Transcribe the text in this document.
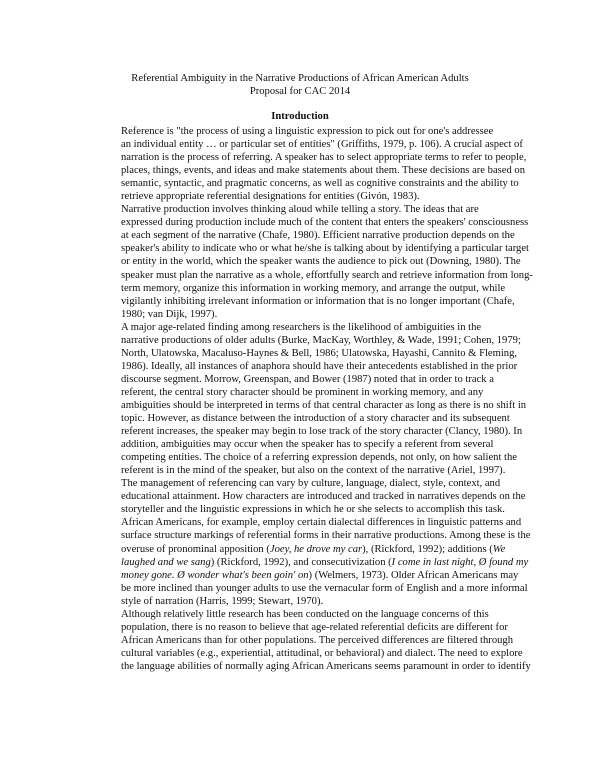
Referential Ambiguity in the Narrative Productions of African American Adults
Proposal for CAC 2014
Introduction

Reference is "the process of using a linguistic expression to pick out for one's addressee
an individual entity … or particular set of entities" (Griffiths, 1979, p. 106). A crucial aspect of
narration is the process of referring. A speaker has to select appropriate terms to refer to people,
places, things, events, and ideas and make statements about them. These decisions are based on
semantic, syntactic, and pragmatic concerns, as well as cognitive constraints and the ability to
retrieve appropriate referential designations for entities (Givón, 1983).

Narrative production involves thinking aloud while telling a story. The ideas that are
expressed during production include much of the content that enters the speakers' consciousness
at each segment of the narrative (Chafe, 1980). Efficient narrative production depends on the
speaker's ability to indicate who or what he/she is talking about by identifying a particular target
or entity in the world, which the speaker wants the audience to pick out (Downing, 1980). The
speaker must plan the narrative as a whole, effortfully search and retrieve information from long-
term memory, organize this information in working memory, and arrange the output, while
vigilantly inhibiting irrelevant information or information that is no longer important (Chafe,
1980; van Dijk, 1997).

A major age-related finding among researchers is the likelihood of ambiguities in the
narrative productions of older adults (Burke, MacKay, Worthley, & Wade, 1991; Cohen, 1979;
North, Ulatowska, Macaluso-Haynes & Bell, 1986; Ulatowska, Hayashi, Cannito & Fleming,
1986). Ideally, all instances of anaphora should have their antecedents established in the prior
discourse segment. Morrow, Greenspan, and Bower (1987) noted that in order to track a
referent, the central story character should be prominent in working memory, and any
ambiguities should be interpreted in terms of that central character as long as there is no shift in
topic. However, as distance between the introduction of a story character and its subsequent
referent increases, the speaker may begin to lose track of the story character (Clancy, 1980). In
addition, ambiguities may occur when the speaker has to specify a referent from several
competing entities. The choice of a referring expression depends, not only, on how salient the
referent is in the mind of the speaker, but also on the context of the narrative (Ariel, 1997).

The management of referencing can vary by culture, language, dialect, style, context, and
educational attainment. How characters are introduced and tracked in narratives depends on the
storyteller and the linguistic expressions in which he or she selects to accomplish this task.
African Americans, for example, employ certain dialectal differences in linguistic patterns and
surface structure markings of referential forms in their narrative productions. Among these is the
overuse of pronominal apposition (Joey, he drove my car), (Rickford, 1992); additions (We
laughed and we sang) (Rickford, 1992), and consecutivization (I come in last night, Ø found my
money gone. Ø wonder what's been goin' on) (Welmers, 1973). Older African Americans may
be more inclined than younger adults to use the vernacular form of English and a more informal
style of narration (Harris, 1999; Stewart, 1970).

Although relatively little research has been conducted on the language concerns of this
population, there is no reason to believe that age-related referential deficits are different for
African Americans than for other populations. The perceived differences are filtered through
cultural variables (e.g., experiential, attitudinal, or behavioral) and dialect. The need to explore
the language abilities of normally aging African Americans seems paramount in order to identify
